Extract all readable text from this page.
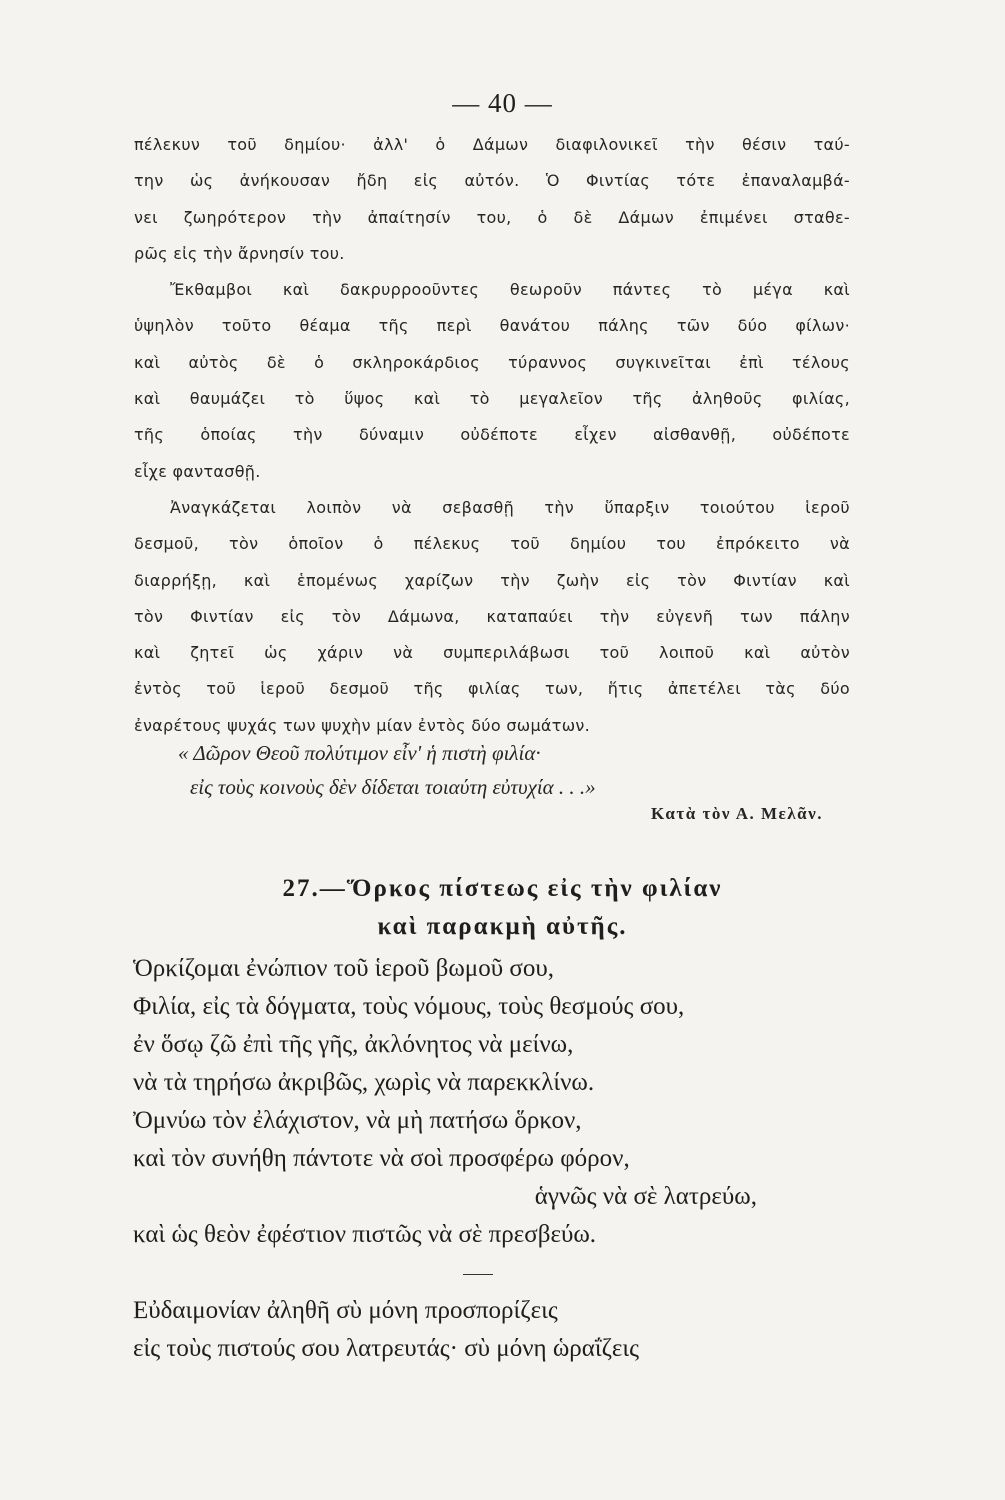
— 40 —
πέλεκυν τοῦ δημίου· ἀλλ' ὁ Δάμων διαφιλονικεῖ τὴν θέσιν ταύ-
την ὡς ἀνήκουσαν ἤδη εἰς αὐτόν. Ὁ Φιντίας τότε ἐπαναλαμβά-
νει ζωηρότερον τὴν ἀπαίτησίν του, ὁ δὲ Δάμων ἐπιμένει σταθε-
ρῶς εἰς τὴν ἄρνησίν του.
Ἔκθαμβοι καὶ δακρυρροοῦντες θεωροῦν πάντες τὸ μέγα καὶ
ὑψηλὸν τοῦτο θέαμα τῆς περὶ θανάτου πάλης τῶν δύο φίλων·
καὶ αὐτὸς δὲ ὁ σκληροκάρδιος τύραννος συγκινεῖται ἐπὶ τέλους
καὶ θαυμάζει τὸ ὕψος καὶ τὸ μεγαλεῖον τῆς ἀληθοῦς φιλίας,
τῆς ὁποίας τὴν δύναμιν οὐδέποτε εἶχεν αἰσθανθῇ, οὐδέποτε
εἶχε φαντασθῇ.
Ἀναγκάζεται λοιπὸν νὰ σεβασθῇ τὴν ὕπαρξιν τοιούτου ἱεροῦ
δεσμοῦ, τὸν ὁποῖον ὁ πέλεκυς τοῦ δημίου του ἐπρόκειτο νὰ
διαρρήξῃ, καὶ ἑπομένως χαρίζων τὴν ζωὴν εἰς τὸν Φιντίαν καὶ
τὸν Φιντίαν εἰς τὸν Δάμωνα, καταπαύει τὴν εὐγενῆ των πάλην
καὶ ζητεῖ ὡς χάριν νὰ συμπεριλάβωσι τοῦ λοιποῦ καὶ αὐτὸν
ἐντὸς τοῦ ἱεροῦ δεσμοῦ τῆς φιλίας των, ἥτις ἀπετέλει τὰς δύο
ἐναρέτους ψυχάς των ψυχὴν μίαν ἐντὸς δύο σωμάτων.
« Δῶρον Θεοῦ πολύτιμον εἶν' ἡ πιστὴ φιλία·
εἰς τοὺς κοινοὺς δὲν δίδεται τοιαύτη εὐτυχία . . .»
Κατὰ τὸν Α. Μελᾶν.
27.—Ὅρκος πίστεως εἰς τὴν φιλίαν
καὶ παρακμὴ αὐτῆς.
Ὁρκίζομαι ἐνώπιον τοῦ ἱεροῦ βωμοῦ σου,
Φιλία, εἰς τὰ δόγματα, τοὺς νόμους, τοὺς θεσμούς σου,
ἐν ὅσῳ ζῶ ἐπὶ τῆς γῆς, ἀκλόνητος νὰ μείνω,
νὰ τὰ τηρήσω ἀκριβῶς, χωρὶς νὰ παρεκκλίνω.
Ὀμνύω τὸν ἐλάχιστον, νὰ μὴ πατήσω ὅρκον,
καὶ τὸν συνήθη πάντοτε νὰ σοὶ προσφέρω φόρον,
ἁγνῶς νὰ σὲ λατρεύω,
καὶ ὡς θεὸν ἐφέστιον πιστῶς νὰ σὲ πρεσβεύω.
Εὐδαιμονίαν ἀληθῆ σὺ μόνη προσπορίζεις
εἰς τοὺς πιστούς σου λατρευτάς· σὺ μόνη ὡραΐζεις
